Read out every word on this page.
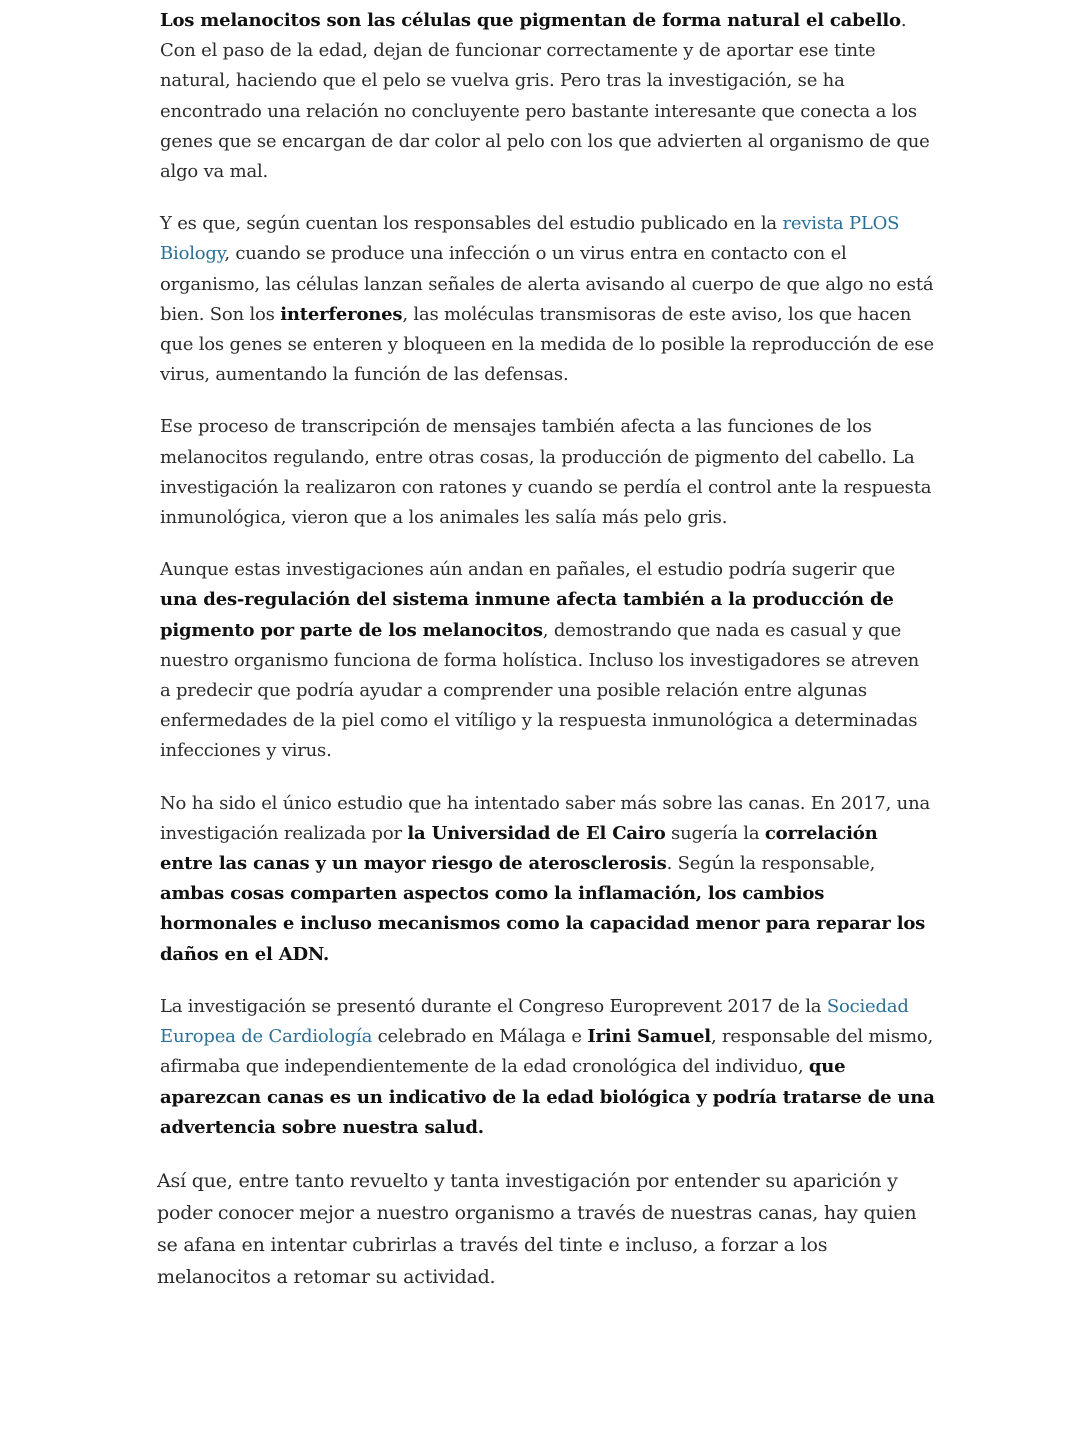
Los melanocitos son las células que pigmentan de forma natural el cabello. Con el paso de la edad, dejan de funcionar correctamente y de aportar ese tinte natural, haciendo que el pelo se vuelva gris. Pero tras la investigación, se ha encontrado una relación no concluyente pero bastante interesante que conecta a los genes que se encargan de dar color al pelo con los que advierten al organismo de que algo va mal.

Y es que, según cuentan los responsables del estudio publicado en la revista PLOS Biology, cuando se produce una infección o un virus entra en contacto con el organismo, las células lanzan señales de alerta avisando al cuerpo de que algo no está bien. Son los interferones, las moléculas transmisoras de este aviso, los que hacen que los genes se enteren y bloqueen en la medida de lo posible la reproducción de ese virus, aumentando la función de las defensas.

Ese proceso de transcripción de mensajes también afecta a las funciones de los melanocitos regulando, entre otras cosas, la producción de pigmento del cabello. La investigación la realizaron con ratones y cuando se perdía el control ante la respuesta inmunológica, vieron que a los animales les salía más pelo gris.

Aunque estas investigaciones aún andan en pañales, el estudio podría sugerir que una des-regulación del sistema inmune afecta también a la producción de pigmento por parte de los melanocitos, demostrando que nada es casual y que nuestro organismo funciona de forma holística. Incluso los investigadores se atreven a predecir que podría ayudar a comprender una posible relación entre algunas enfermedades de la piel como el vitíligo y la respuesta inmunológica a determinadas infecciones y virus.

No ha sido el único estudio que ha intentado saber más sobre las canas. En 2017, una investigación realizada por la Universidad de El Cairo sugería la correlación entre las canas y un mayor riesgo de aterosclerosis. Según la responsable, ambas cosas comparten aspectos como la inflamación, los cambios hormonales e incluso mecanismos como la capacidad menor para reparar los daños en el ADN.

La investigación se presentó durante el Congreso Europrevent 2017 de la Sociedad Europea de Cardiología celebrado en Málaga e Irini Samuel, responsable del mismo, afirmaba que independientemente de la edad cronológica del individuo, que aparezcan canas es un indicativo de la edad biológica y podría tratarse de una advertencia sobre nuestra salud.

Así que, entre tanto revuelto y tanta investigación por entender su aparición y poder conocer mejor a nuestro organismo a través de nuestras canas, hay quien se afana en intentar cubrirlas a través del tinte e incluso, a forzar a los melanocitos a retomar su actividad.
